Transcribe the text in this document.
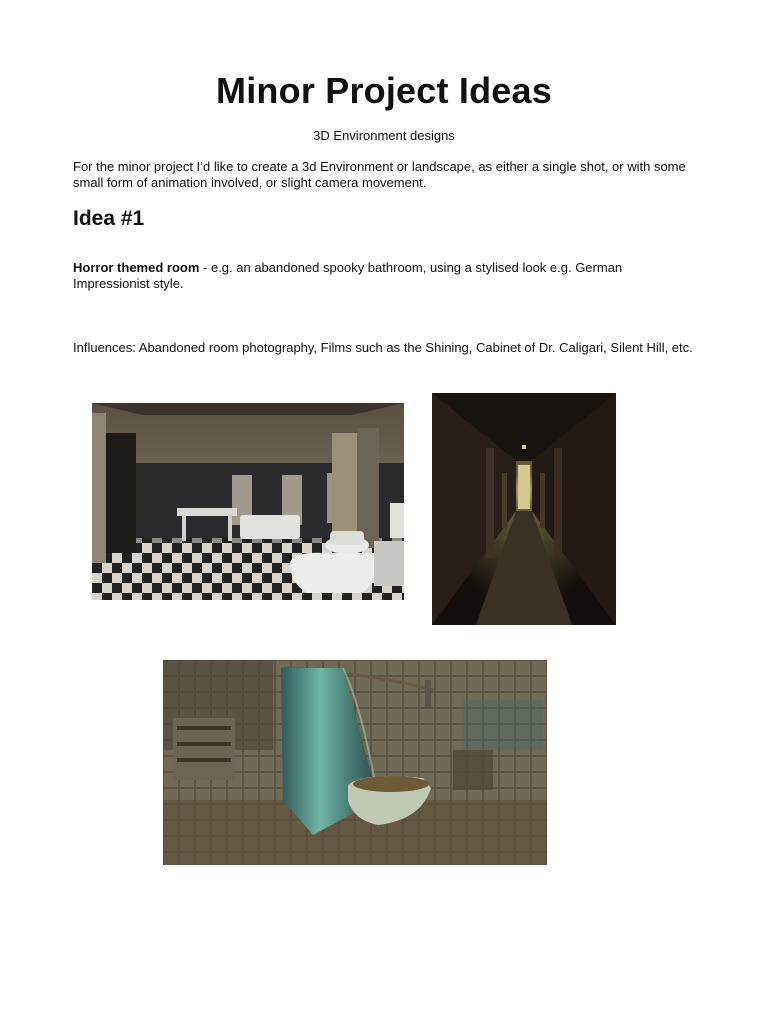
Minor Project Ideas

3D Environment designs

For the minor project I’d like to create a 3d Environment or landscape, as either a single shot, or with some small form of animation involved, or slight camera movement.

Idea #1

Horror themed room - e.g. an abandoned spooky bathroom, using a stylised look e.g. German Impressionist style.

Influences: Abandoned room photography, Films such as the Shining, Cabinet of Dr. Caligari, Silent Hill, etc.
